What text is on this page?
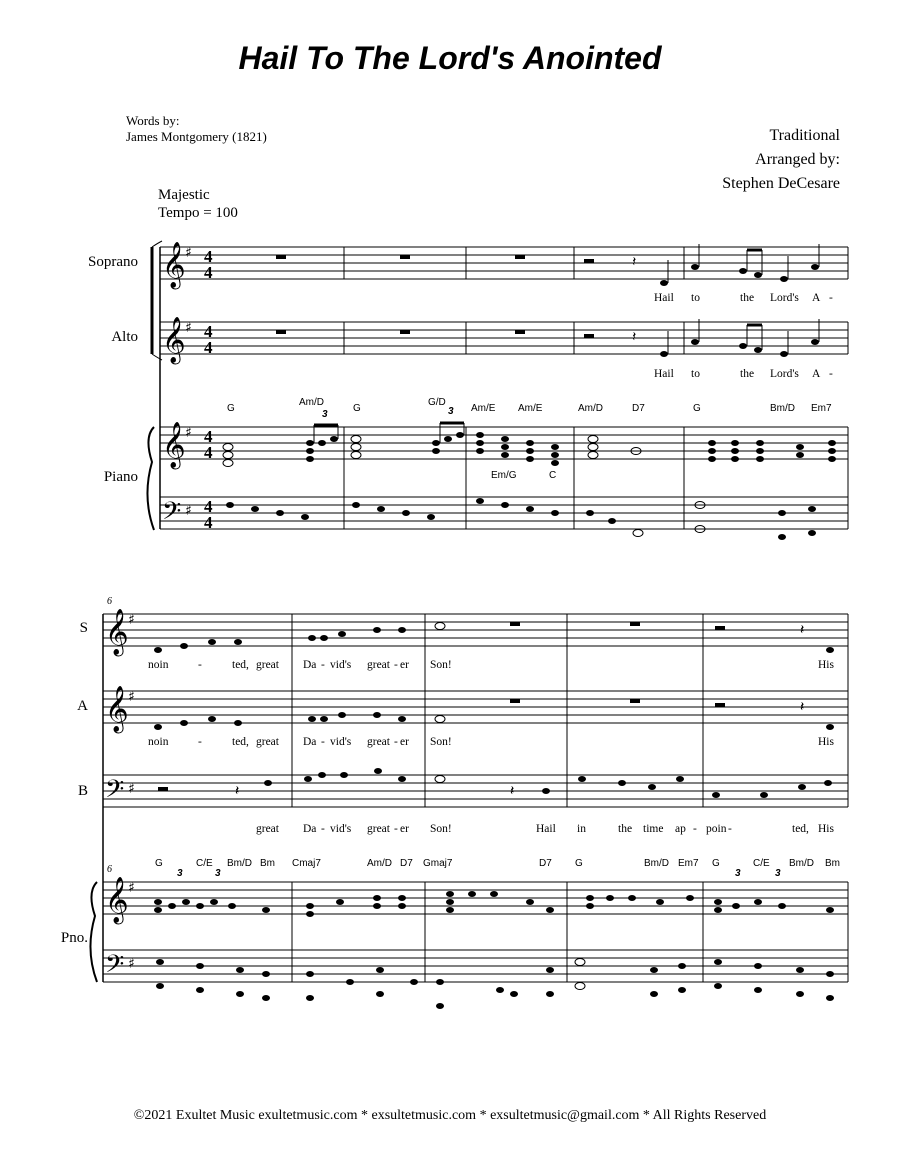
Hail To The Lord's Anointed
Words by:
James Montgomery (1821)	Traditional
Arranged by:
Stephen DeCesare
Majestic
Tempo = 100
Soprano
Alto
Piano
S
A
B
Pno.
𝄞
𝄞
𝄞
𝄢
♯
♯
♯
♯
4
4
4
4
4
4
4
4
𝄽
𝄽
Hail to	the Lord's A -
Hail to	the Lord's A -
G
Am/D
G
G/D
Am/E Am/E	Am/D	D7	G	Bm/D Em7
Em/G	C
3	3
𝄞
𝄞
𝄢
𝄞
𝄢
♯
♯
♯
♯
♯
6
6
𝄽
𝄽
𝄽	𝄽
noin	-	ted, great Da - vid's great - er Son!	His
noin	-	ted, great Da - vid's great - er Son!	His
great Da - vid's great - er Son!	Hail in	the time ap - poin -	ted, His
G	C/E Bm/D Bm Cmaj7	Am/D D7 Gmaj7	D7 G	Bm/D Em7 G	C/E Bm/D Bm
3	3	3	3
©2021 Exultet Music exultetmusic.com * exsultetmusic.com * exsultetmusic@gmail.com * All Rights Reserved
